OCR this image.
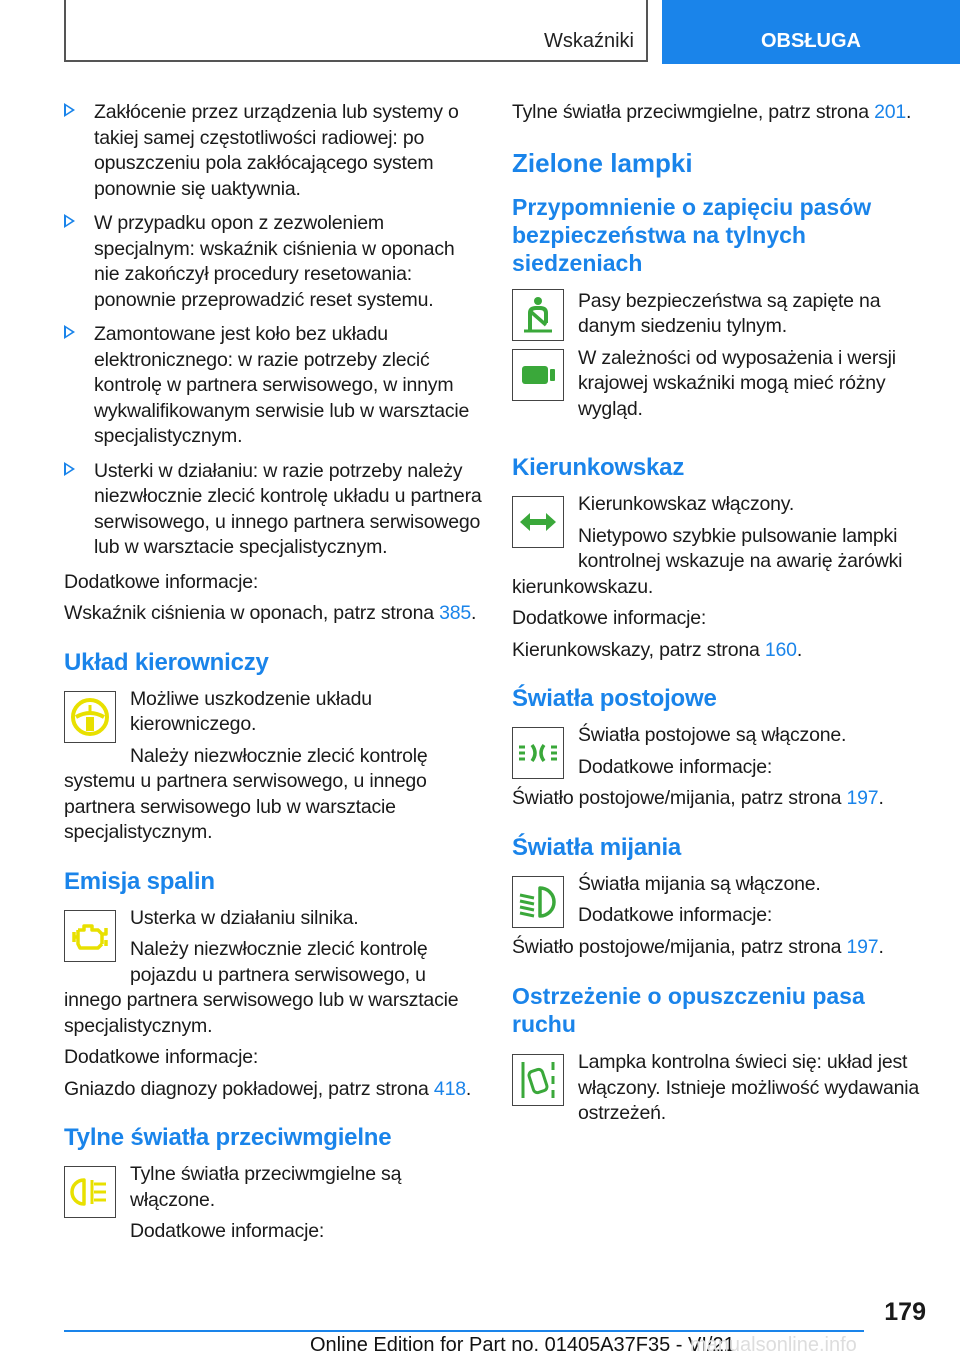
Wskaźniki	OBSŁUGA
Zakłócenie przez urządzenia lub systemy o takiej samej częstotliwości radiowej: po opuszczeniu pola zakłócającego system ponownie się uaktywnia.
W przypadku opon z zezwoleniem specjalnym: wskaźnik ciśnienia w oponach nie zakończył procedury resetowania: ponownie przeprowadzić reset systemu.
Zamontowane jest koło bez układu elektronicznego: w razie potrzeby zlecić kontrolę w partnera serwisowego, w innym wykwalifikowanym serwisie lub w warsztacie specjalistycznym.
Usterki w działaniu: w razie potrzeby należy niezwłocznie zlecić kontrolę układu u partnera serwisowego, u innego partnera serwisowego lub w warsztacie specjalistycznym.

Dodatkowe informacje:

Wskaźnik ciśnienia w oponach, patrz strona 385.

Układ kierowniczy

Możliwe uszkodzenie układu kierowniczego.

Należy niezwłocznie zlecić kontrolę systemu u partnera serwisowego, u innego partnera serwisowego lub w warsztacie specjalistycznym.

Emisja spalin

Usterka w działaniu silnika.

Należy niezwłocznie zlecić kontrolę pojazdu u partnera serwisowego, u innego partnera serwisowego lub w warsztacie specjalistycznym.

Dodatkowe informacje:

Gniazdo diagnozy pokładowej, patrz strona 418.

Tylne światła przeciwmgielne

Tylne światła przeciwmgielne są włączone.

Dodatkowe informacje:

Tylne światła przeciwmgielne, patrz strona 201.

Zielone lampki
Przypomnienie o zapięciu pasów bezpieczeństwa na tylnych siedzeniach

Pasy bezpieczeństwa są zapięte na danym siedzeniu tylnym.

W zależności od wyposażenia i wersji krajowej wskaźniki mogą mieć różny wygląd.

Kierunkowskaz

Kierunkowskaz włączony.

Nietypowo szybkie pulsowanie lampki kontrolnej wskazuje na awarię żarówki kierunkowskazu.

Dodatkowe informacje:

Kierunkowskazy, patrz strona 160.

Światła postojowe

Światła postojowe są włączone.

Dodatkowe informacje:

Światło postojowe/mijania, patrz strona 197.

Światła mijania

Światła mijania są włączone.

Dodatkowe informacje:

Światło postojowe/mijania, patrz strona 197.

Ostrzeżenie o opuszczeniu pasa ruchu

Lampka kontrolna świeci się: układ jest włączony. Istnieje możliwość wydawania ostrzeżeń.

179
Online Edition for Part no. 01405A37F35 - VI/21
manualsonline.info
